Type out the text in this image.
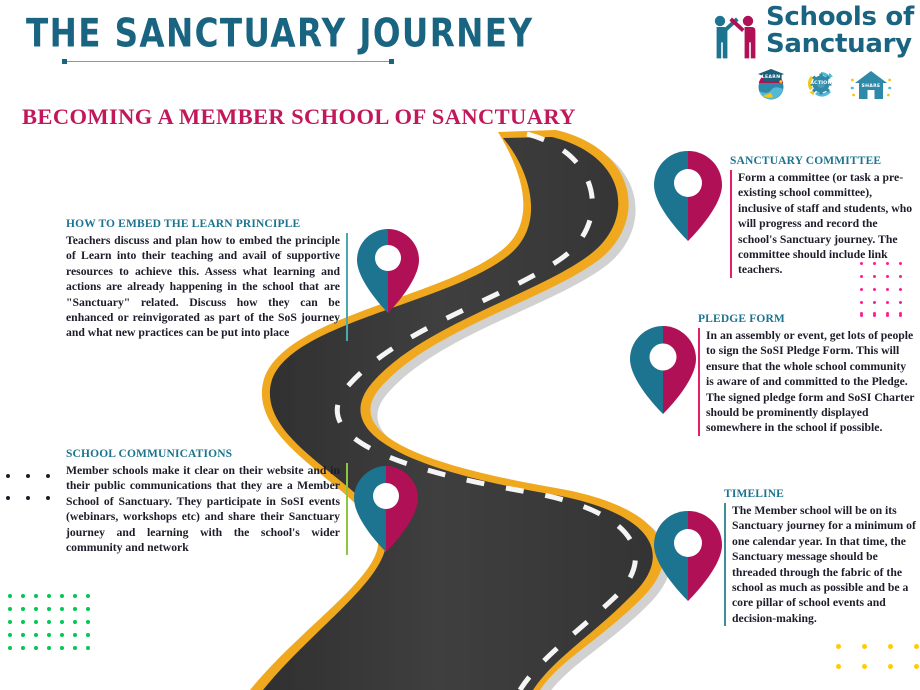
THE SANCTUARY JOURNEY
BECOMING A MEMBER SCHOOL OF SANCTUARY
Schools of
Sanctuary
LEARN
ACTION
SHARE
HOW TO EMBED THE LEARN PRINCIPLE
Teachers discuss and plan how to embed the principle of Learn into their teaching and avail of supportive resources to achieve this. Assess what learning and actions are already happening in the school that are "Sanctuary" related. Discuss how they can be enhanced or reinvigorated as part of the SoS journey and what new practices can be put into place
SCHOOL COMMUNICATIONS
Member schools make it clear on their website and in their public communications that they are a Member School of Sanctuary. They participate in SoSI events (webinars, workshops etc) and share their Sanctuary journey and learning with the school's wider community and network
SANCTUARY COMMITTEE
Form a committee (or task a pre-existing school committee), inclusive of staff and students, who will progress and record the school's Sanctuary journey. The committee should include link teachers.
PLEDGE FORM
In an assembly or event, get lots of people to sign the SoSI Pledge Form. This will ensure that the whole school community is aware of and committed to the Pledge. The signed pledge form and SoSI Charter should be prominently displayed somewhere in the school if possible.
TIMELINE
The Member school will be on its Sanctuary journey for a minimum of one calendar year. In that time, the Sanctuary message should be threaded through the fabric of the school as much as possible and be a core pillar of school events and decision-making.
